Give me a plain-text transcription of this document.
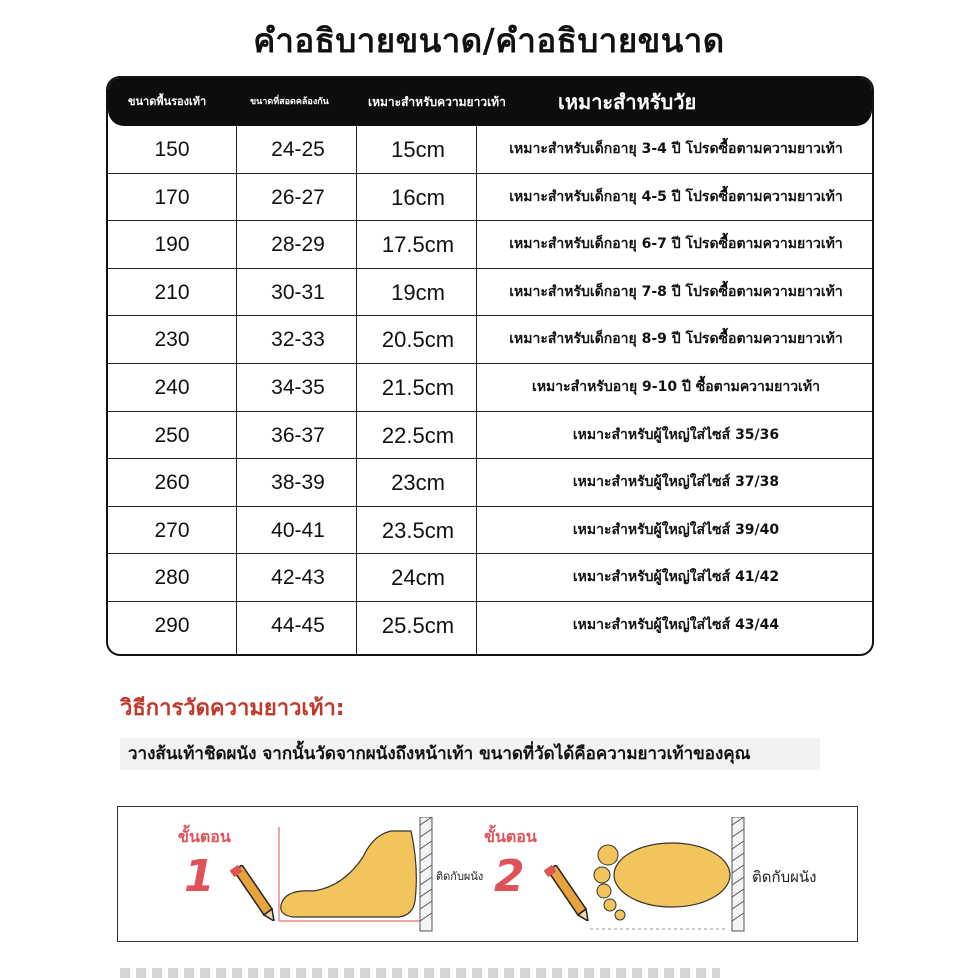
คำอธิบายขนาด/คำอธิบายขนาด
ขนาดพื้นรองเท้า	ขนาดที่สอดคล้องกัน	เหมาะสำหรับความยาวเท้า	เหมาะสำหรับวัย
150	24-25	15cm	เหมาะสำหรับเด็กอายุ 3-4 ปี โปรดซื้อตามความยาวเท้า
170	26-27	16cm	เหมาะสำหรับเด็กอายุ 4-5 ปี โปรดซื้อตามความยาวเท้า
190	28-29	17.5cm	เหมาะสำหรับเด็กอายุ 6-7 ปี โปรดซื้อตามความยาวเท้า
210	30-31	19cm	เหมาะสำหรับเด็กอายุ 7-8 ปี โปรดซื้อตามความยาวเท้า
230	32-33	20.5cm	เหมาะสำหรับเด็กอายุ 8-9 ปี โปรดซื้อตามความยาวเท้า
240	34-35	21.5cm	เหมาะสำหรับอายุ 9-10 ปี ซื้อตามความยาวเท้า
250	36-37	22.5cm	เหมาะสำหรับผู้ใหญ่ใส่ไซส์ 35/36
260	38-39	23cm	เหมาะสำหรับผู้ใหญ่ใส่ไซส์ 37/38
270	40-41	23.5cm	เหมาะสำหรับผู้ใหญ่ใส่ไซส์ 39/40
280	42-43	24cm	เหมาะสำหรับผู้ใหญ่ใส่ไซส์ 41/42
290	44-45	25.5cm	เหมาะสำหรับผู้ใหญ่ใส่ไซส์ 43/44
วิธีการวัดความยาวเท้า:
วางส้นเท้าชิดผนัง จากนั้นวัดจากผนังถึงหน้าเท้า ขนาดที่วัดได้คือความยาวเท้าของคุณ
ขั้นตอน
1	ติดกับผนัง
ขั้นตอน
2	ติดกับผนัง
